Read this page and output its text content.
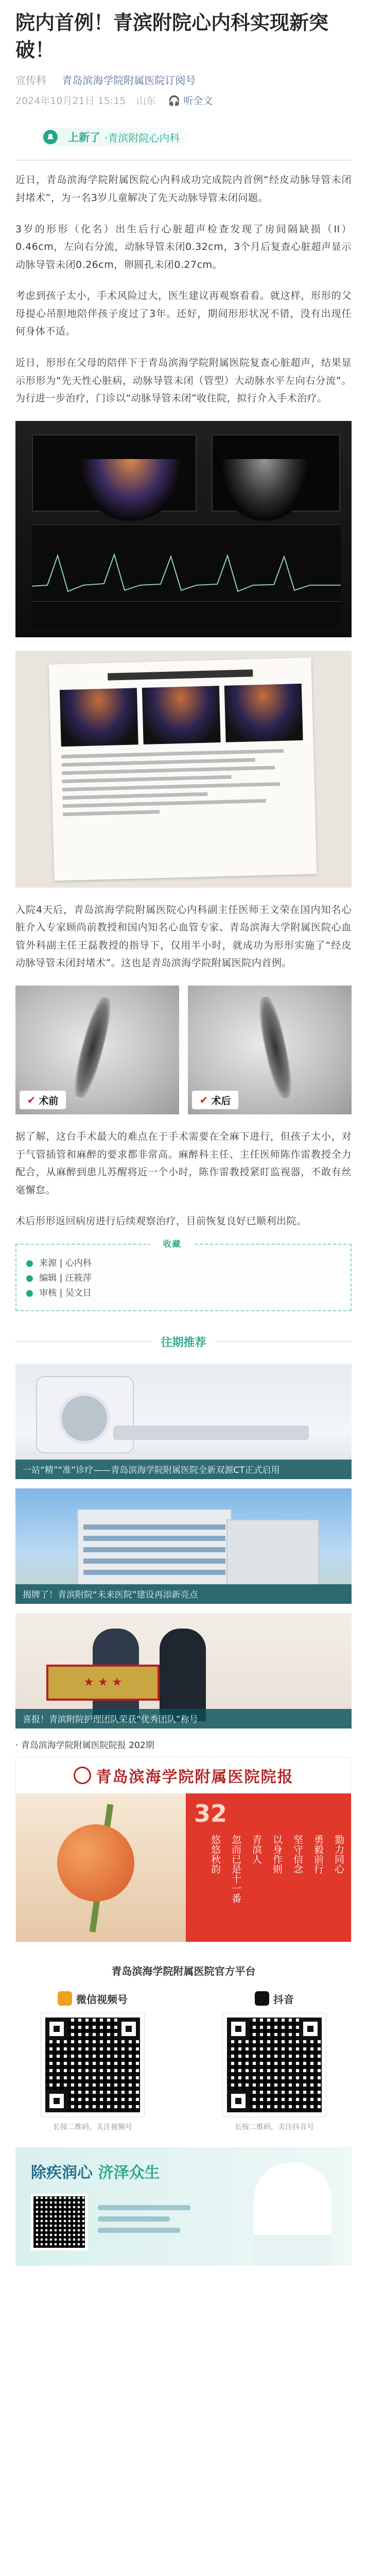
院内首例！青滨附院心内科实现新突破！
宣传科 青岛滨海学院附属医院订阅号
2024年10月21日 15:15 山东 🎧 听全文
上新了 ·青滨附院心内科

近日，青岛滨海学院附属医院心内科成功完成院内首例“经皮动脉导管未闭封堵术”，为一名3岁儿童解决了先天动脉导管未闭问题。

3岁的形形（化名）出生后行心脏超声检查发现了房间隔缺损（II）0.46cm，左向右分流，动脉导管未闭0.32cm，3个月后复查心脏超声显示动脉导管未闭0.26cm，卵圆孔未闭0.27cm。

考虑到孩子太小，手术风险过大，医生建议再观察看看。就这样，形形的父母提心吊胆地陪伴孩子度过了3年。还好，期间形形状况不错，没有出现任何身体不适。

近日，形形在父母的陪伴下于青岛滨海学院附属医院复查心脏超声，结果显示形形为“先天性心脏病，动脉导管未闭（管型）大动脉水平左向右分流”。为行进一步治疗，门诊以“动脉导管未闭”收住院，拟行介入手术治疗。

入院4天后，青岛滨海学院附属医院心内科副主任医师王文荣在国内知名心脏介入专家顾尚前教授和国内知名心血管专家、青岛滨海大学附属医院心血管外科副主任王磊教授的指导下，仅用半小时，就成功为形形实施了“经皮动脉导管未闭封堵术”。这也是青岛滨海学院附属医院内首例。

✔ 术前	✔ 术后

据了解，这台手术最大的难点在于手术需要在全麻下进行，但孩子太小，对于气管插管和麻醉的要求都非常高。麻醉科主任、主任医师陈作雷教授全力配合，从麻醉到患儿苏醒将近一个小时，陈作雷教授紧盯监视器，不敢有丝毫懈怠。

术后形形返回病房进行后续观察治疗，目前恢复良好已顺利出院。

收藏
● 来源 | 心内科
● 编辑 | 汪筱萍
● 审核 | 吴文日
往期推荐
一站“精”“准”诊疗——青岛滨海学院附属医院全新双源CT正式启用
揭牌了！青滨附院“未来医院”建设再添新亮点
★ ★ ★
喜报！青滨附院护理团队荣获“优秀团队”称号
· 青岛滨海学院附属医院院报 202期
青岛滨海学院附属医院院报
32
悠悠秋韵 忽而已是十一番 青滨人 以身作则 坚守信念 勇毅前行 勠力同心
青岛滨海学院附属医院官方平台
微信视频号
长按二维码，关注视频号
抖音
长按二维码，关注抖音号
除疾润心 济泽众生
